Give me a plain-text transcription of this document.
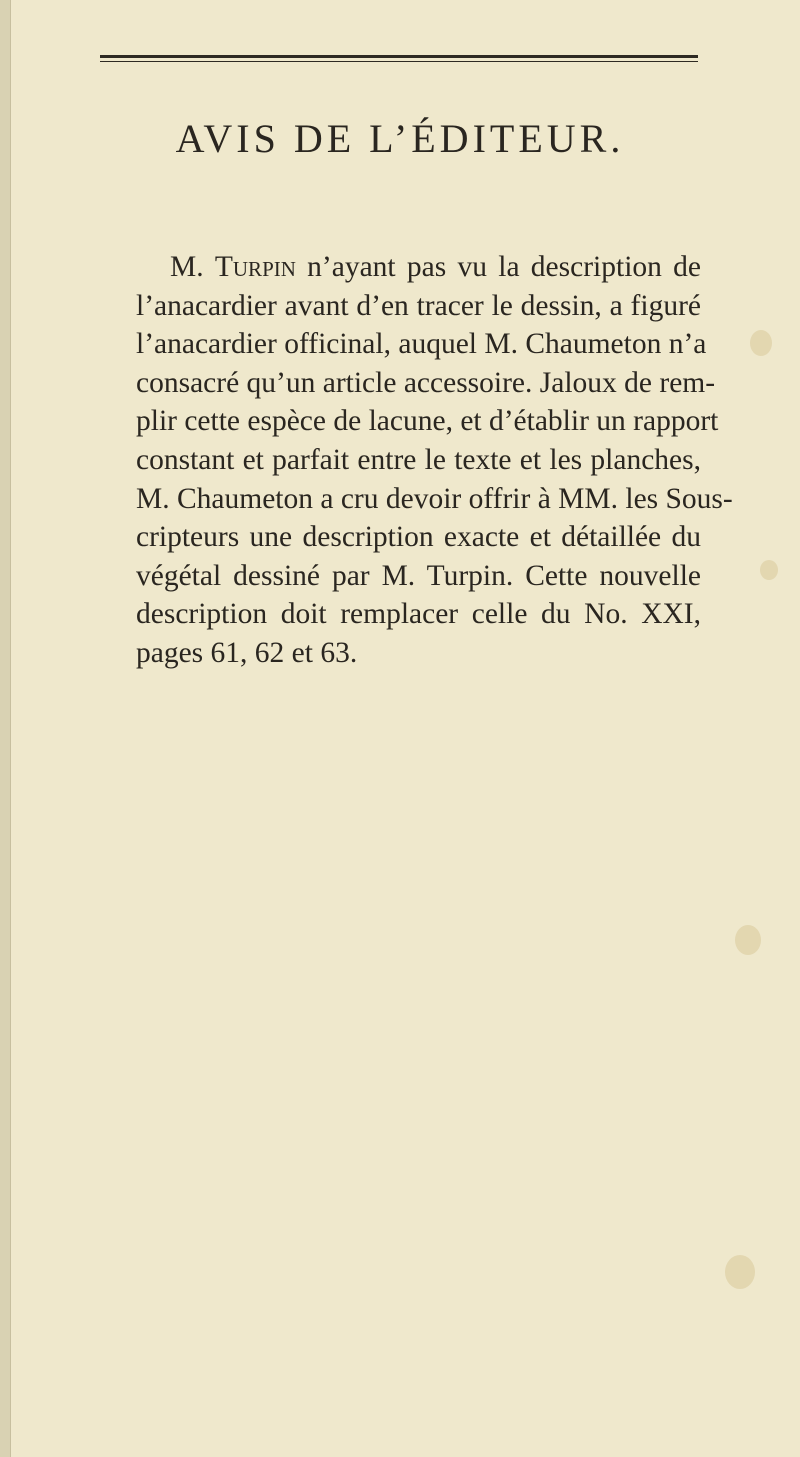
AVIS DE L’ÉDITEUR.
M. Turpin n’ayant pas vu la description de
l’anacardier avant d’en tracer le dessin, a figuré
l’anacardier officinal, auquel M. Chaumeton n’a
consacré qu’un article accessoire. Jaloux de rem-
plir cette espèce de lacune, et d’établir un rapport
constant et parfait entre le texte et les planches,
M. Chaumeton a cru devoir offrir à MM. les Sous-
cripteurs une description exacte et détaillée du
végétal dessiné par M. Turpin. Cette nouvelle
description doit remplacer celle du No. XXI,
pages 61, 62 et 63.
